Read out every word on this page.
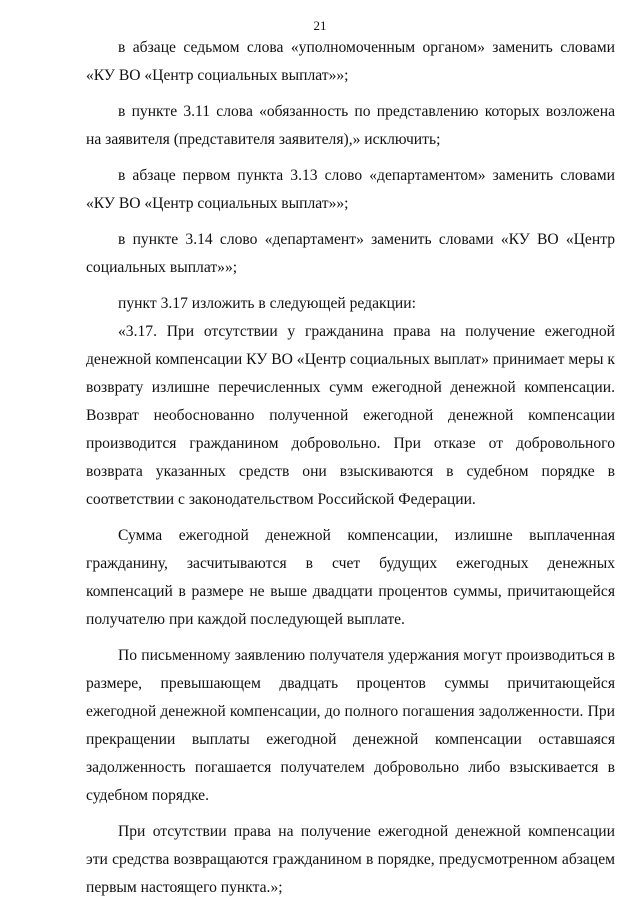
21

в абзаце седьмом слова «уполномоченным органом» заменить словами «КУ ВО «Центр социальных выплат»»;

в пункте 3.11 слова «обязанность по представлению которых возложена на заявителя (представителя заявителя),» исключить;

в абзаце первом пункта 3.13 слово «департаментом» заменить словами «КУ ВО «Центр социальных выплат»»;

в пункте 3.14 слово «департамент» заменить словами «КУ ВО «Центр социальных выплат»»;

пункт 3.17 изложить в следующей редакции:

«3.17. При отсутствии у гражданина права на получение ежегодной денежной компенсации КУ ВО «Центр социальных выплат» принимает меры к возврату излишне перечисленных сумм ежегодной денежной компенсации. Возврат необоснованно полученной ежегодной денежной компенсации производится гражданином добровольно. При отказе от добровольного возврата указанных средств они взыскиваются в судебном порядке в соответствии с законодательством Российской Федерации.

Сумма ежегодной денежной компенсации, излишне выплаченная гражданину, засчитываются в счет будущих ежегодных денежных компенсаций в размере не выше двадцати процентов суммы, причитающейся получателю при каждой последующей выплате.

По письменному заявлению получателя удержания могут производиться в размере, превышающем двадцать процентов суммы причитающейся ежегодной денежной компенсации, до полного погашения задолженности. При прекращении выплаты ежегодной денежной компенсации оставшаяся задолженность погашается получателем добровольно либо взыскивается в судебном порядке.

При отсутствии права на получение ежегодной денежной компенсации эти средства возвращаются гражданином в порядке, предусмотренном абзацем первым настоящего пункта.»;
